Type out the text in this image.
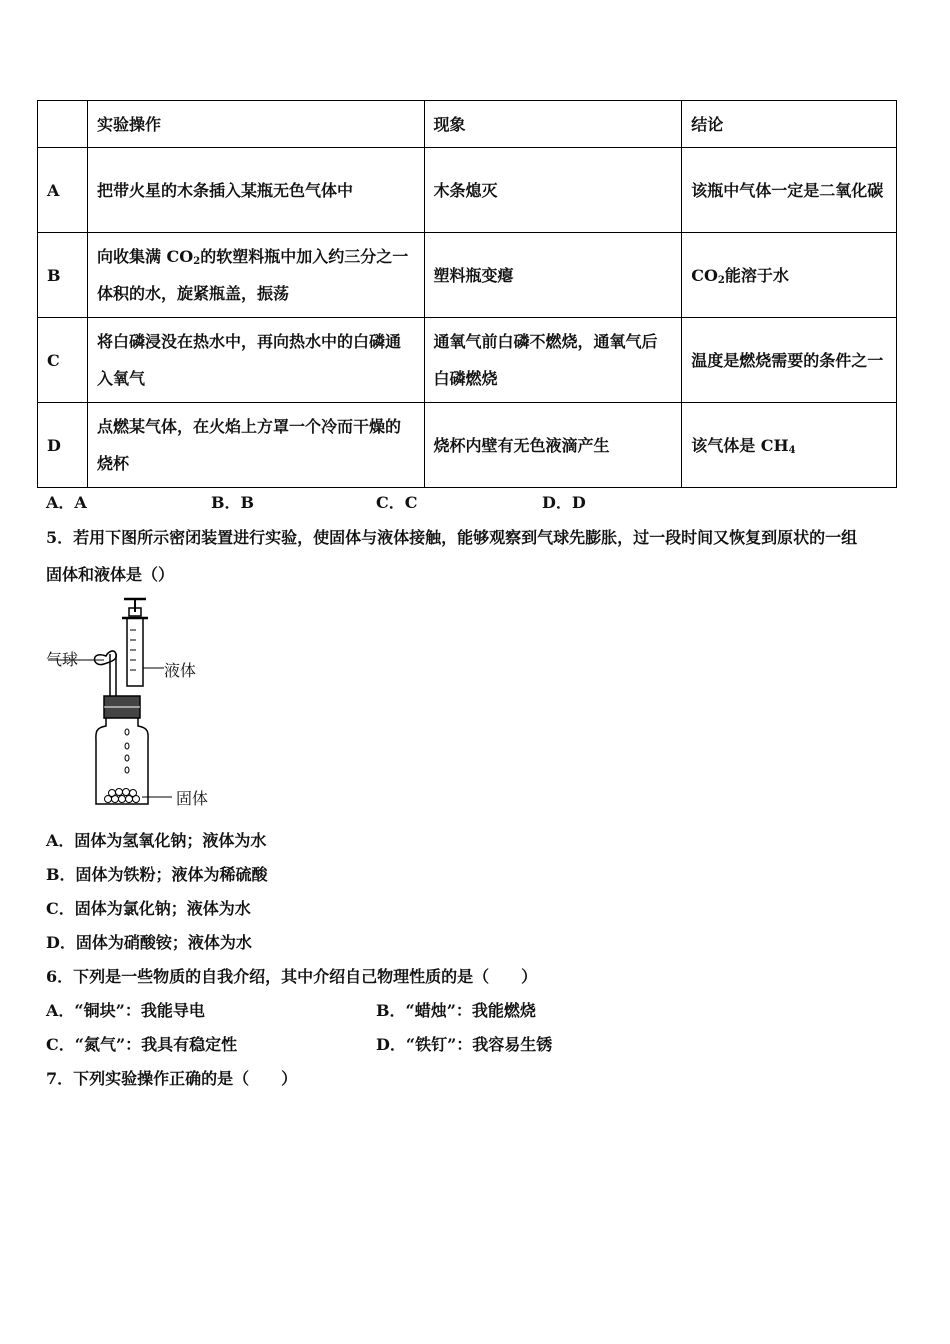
	实验操作	现象	结论
A	把带火星的木条插入某瓶无色气体中	木条熄灭	该瓶中气体一定是二氧化碳
B	向收集满 $CO_2$的软塑料瓶中加入约三分之一体积的水，旋紧瓶盖，振荡	塑料瓶变瘪	$CO_2$能溶于水
C	将白磷浸没在热水中，再向热水中的白磷通入氧气	通氧气前白磷不燃烧，通氧气后白磷燃烧	温度是燃烧需要的条件之一
D	点燃某气体，在火焰上方罩一个冷而干燥的烧杯	烧杯内壁有无色液滴产生	该气体是 $CH_4$
A．A	B．B	C．C	D．D
5．若用下图所示密闭装置进行实验，使固体与液体接触，能够观察到气球先膨胀，过一段时间又恢复到原状的一组
固体和液体是（）
气球
液体
固体
A．固体为氢氧化钠；液体为水
B．固体为铁粉；液体为稀硫酸
C．固体为氯化钠；液体为水
D．固体为硝酸铵；液体为水
6．下列是一些物质的自我介绍，其中介绍自己物理性质的是（　　）
A．“铜块”：我能导电	B．“蜡烛”：我能燃烧
C．“氮气”：我具有稳定性	D．“铁钉”：我容易生锈
7．下列实验操作正确的是（　　）
